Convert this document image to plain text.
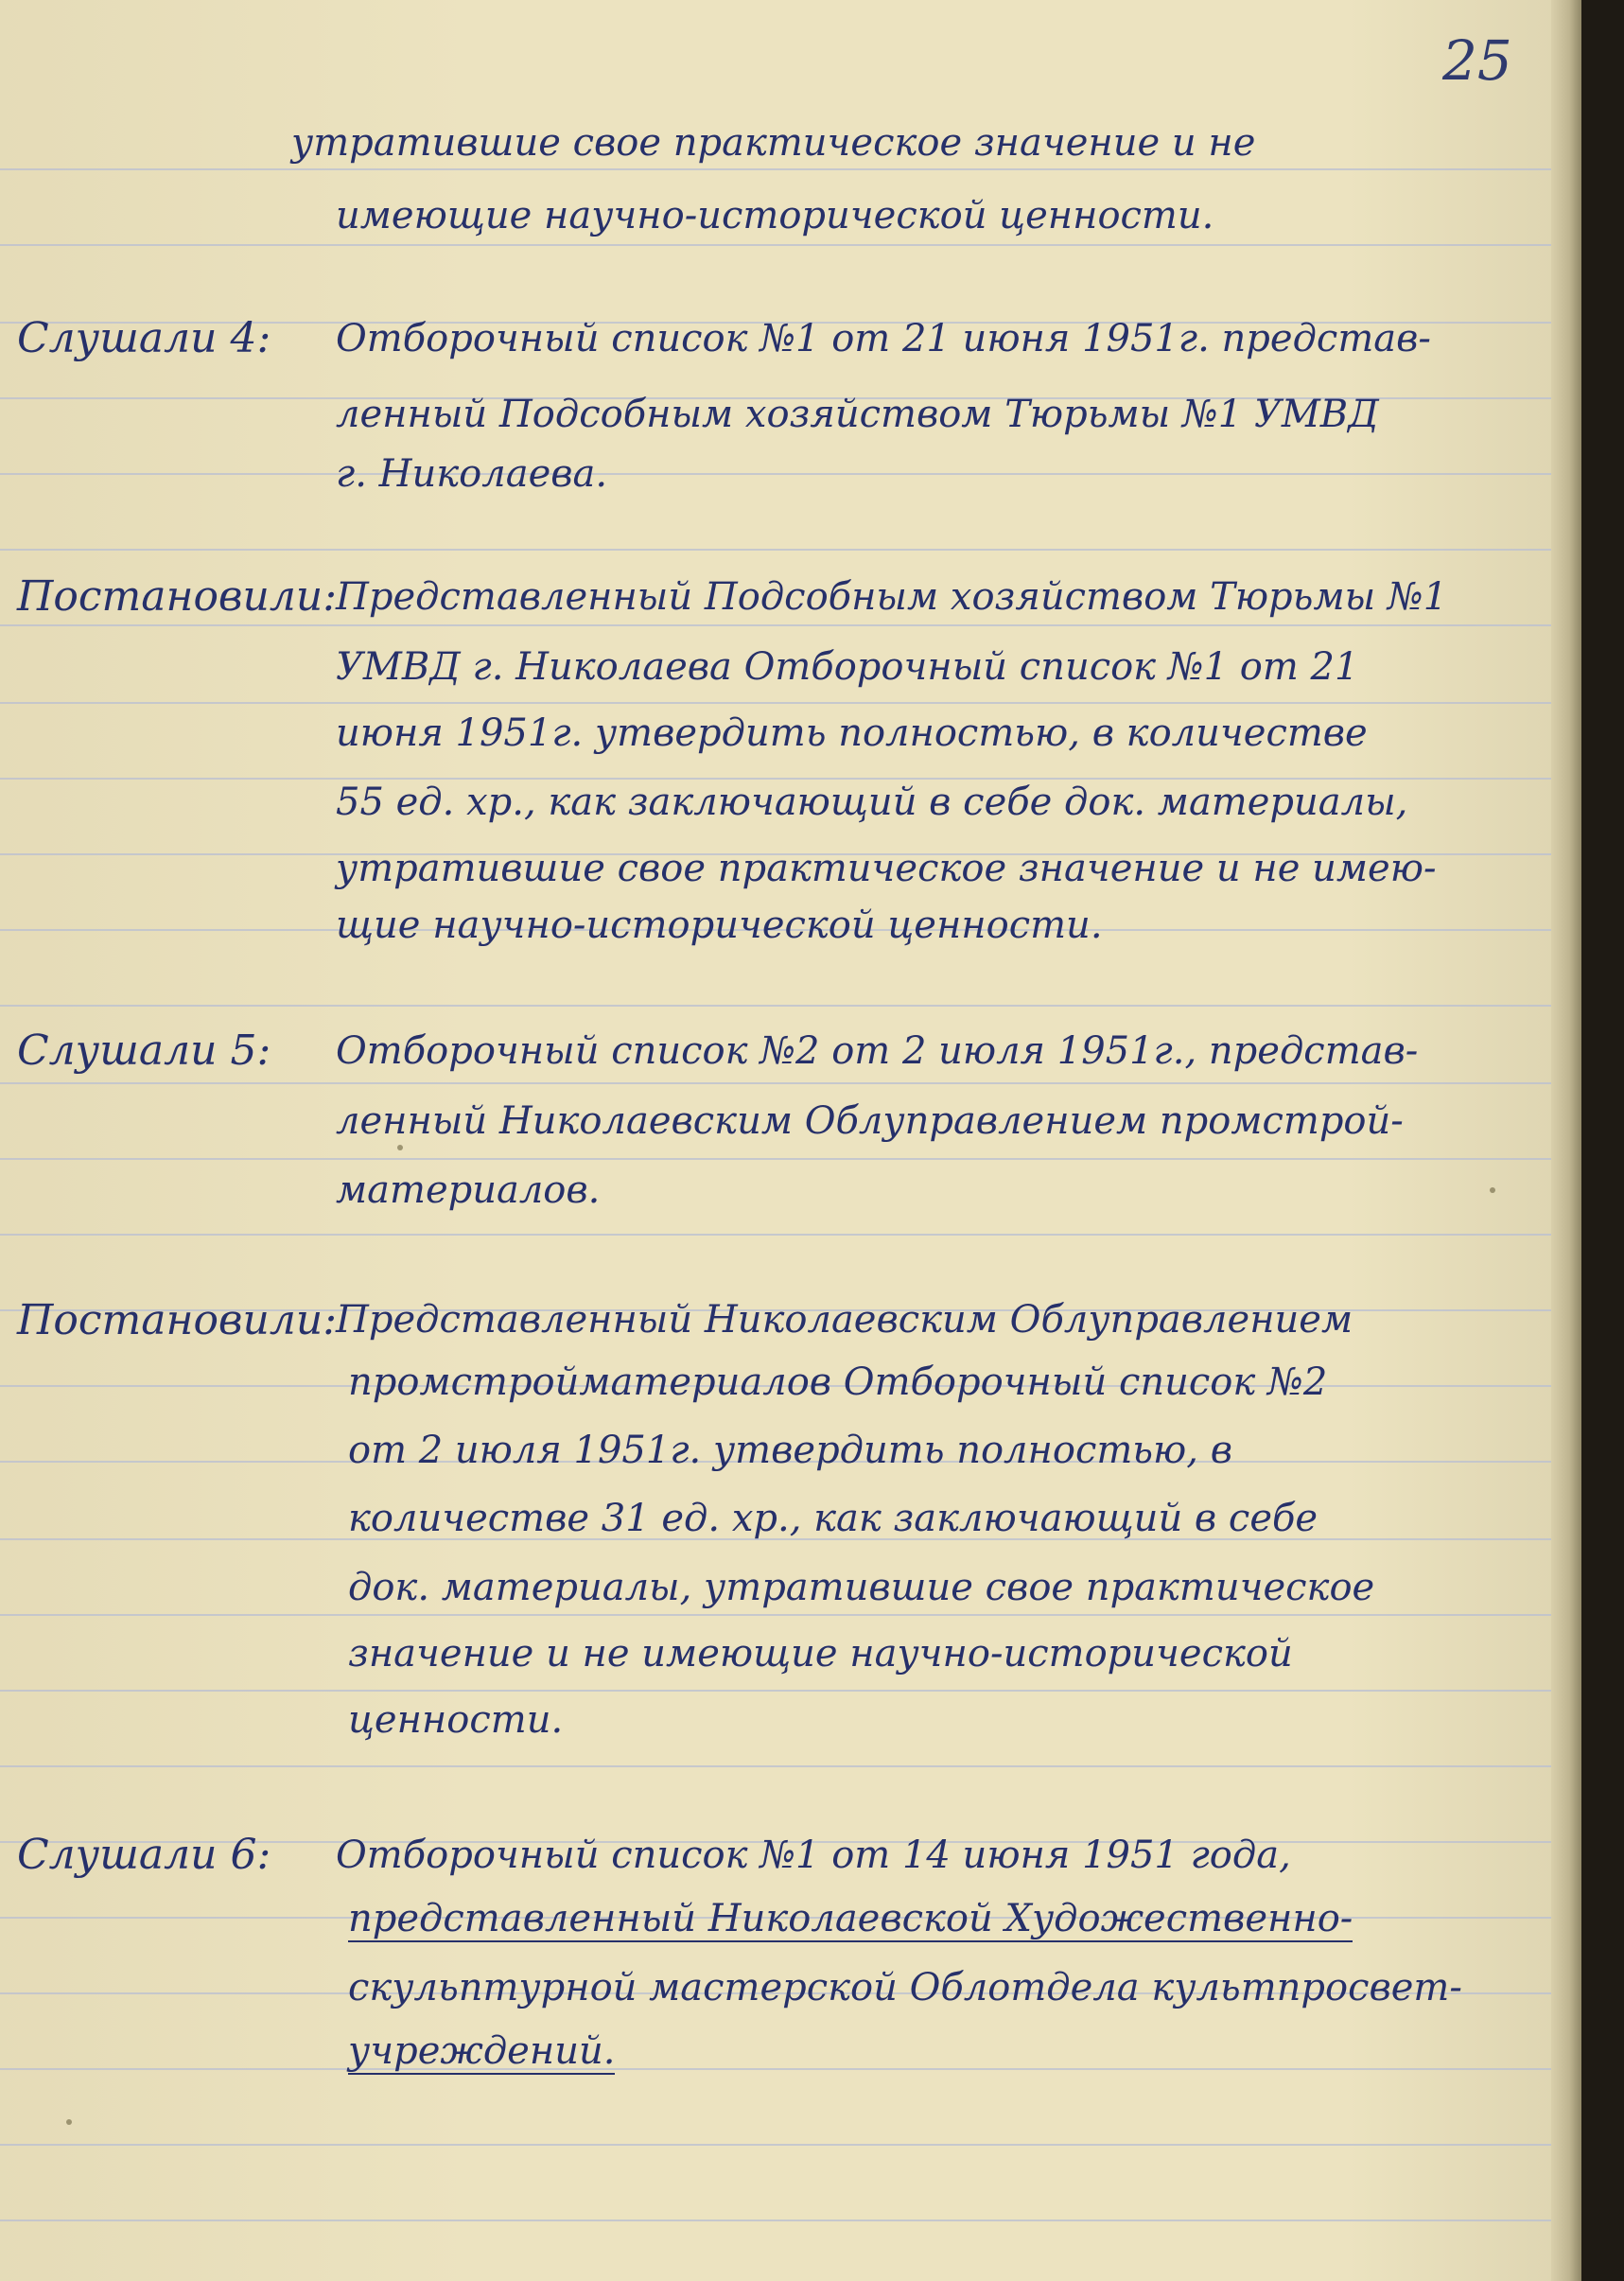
25
утратившие свое практическое значение и не
имеющие научно-исторической ценности.
Слушали 4: Отборочный список №1 от 21 июня 1951г. представ-
ленный Подсобным хозяйством Тюрьмы №1 УМВД
г. Николаева.
Постановили:
Представленный Подсобным хозяйством Тюрьмы №1
УМВД г. Николаева Отборочный список №1 от 21
июня 1951г. утвердить полностью, в количестве
55 ед. хр., как заключающий в себе док. материалы,
утратившие свое практическое значение и не имею-
щие научно-исторической ценности.
Слушали 5: Отборочный список №2 от 2 июля 1951г., представ-
ленный Николаевским Облуправлением промстрой-
материалов.
Постановили:
Представленный Николаевским Облуправлением
промстройматериалов Отборочный список №2
от 2 июля 1951г. утвердить полностью, в
количестве 31 ед. хр., как заключающий в себе
док. материалы, утратившие свое практическое
значение и не имеющие научно-исторической
ценности.
Слушали 6: Отборочный список №1 от 14 июня 1951 года,
представленный Николаевской Художественно-
скульптурной мастерской Облотдела культпросвет-
учреждений.
